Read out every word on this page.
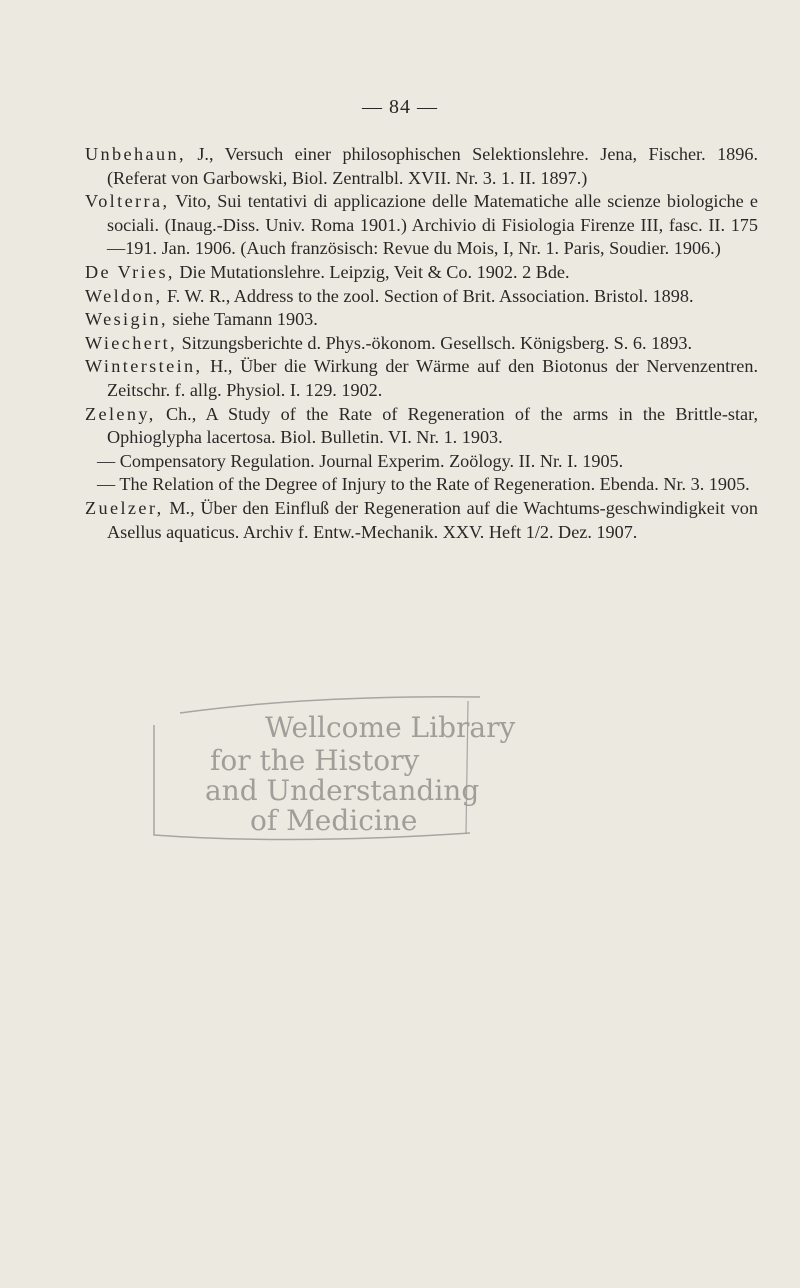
— 84 —

Unbehaun, J., Versuch einer philosophischen Selektionslehre. Jena, Fischer. 1896. (Referat von Garbowski, Biol. Zentralbl. XVII. Nr. 3. 1. II. 1897.)

Volterra, Vito, Sui tentativi di applicazione delle Matematiche alle scienze biologiche e sociali. (Inaug.-Diss. Univ. Roma 1901.) Archivio di Fisiologia Firenze III, fasc. II. 175—191. Jan. 1906. (Auch französisch: Revue du Mois, I, Nr. 1. Paris, Soudier. 1906.)

De Vries, Die Mutationslehre. Leipzig, Veit & Co. 1902. 2 Bde.

Weldon, F. W. R., Address to the zool. Section of Brit. Association. Bristol. 1898.

Wesigin, siehe Tamann 1903.

Wiechert, Sitzungsberichte d. Phys.-ökonom. Gesellsch. Königsberg. S. 6. 1893.

Winterstein, H., Über die Wirkung der Wärme auf den Biotonus der Nervenzentren. Zeitschr. f. allg. Physiol. I. 129. 1902.

Zeleny, Ch., A Study of the Rate of Regeneration of the arms in the Brittle-star, Ophioglypha lacertosa. Biol. Bulletin. VI. Nr. 1. 1903.

— Compensatory Regulation. Journal Experim. Zoölogy. II. Nr. I. 1905.

— The Relation of the Degree of Injury to the Rate of Regeneration. Ebenda. Nr. 3. 1905.

Zuelzer, M., Über den Einfluß der Regeneration auf die Wachtums-geschwindigkeit von Asellus aquaticus. Archiv f. Entw.-Mechanik. XXV. Heft 1/2. Dez. 1907.

Wellcome Library
for the History
and Understanding
of Medicine
